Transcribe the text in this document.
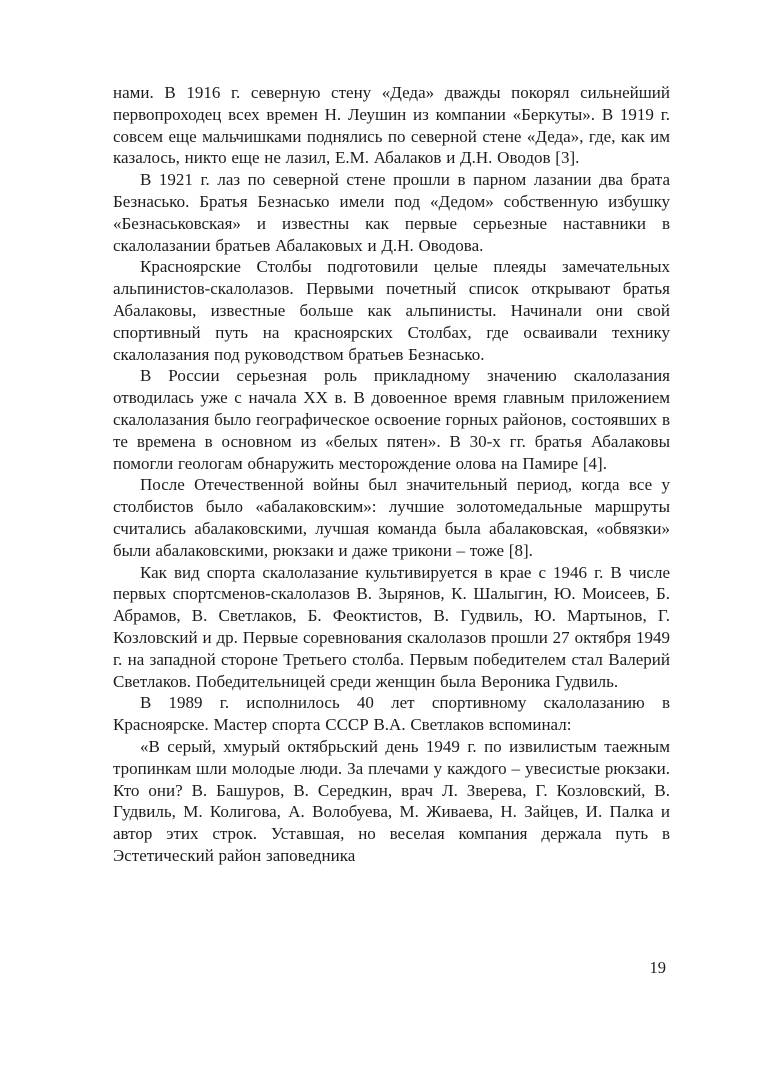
нами. В 1916 г. северную стену «Деда» дважды покорял сильнейший первопроходец всех времен Н. Леушин из компании «Беркуты». В 1919 г. совсем еще мальчишками поднялись по северной стене «Деда», где, как им казалось, никто еще не лазил, Е.М. Абалаков и Д.Н. Оводов [3].

В 1921 г. лаз по северной стене прошли в парном лазании два брата Безнасько. Братья Безнасько имели под «Дедом» собственную избушку «Безнаськовская» и известны как первые серьезные наставники в скалолазании братьев Абалаковых и Д.Н. Оводова.

Красноярские Столбы подготовили целые плеяды замечательных альпинистов-скалолазов. Первыми почетный список открывают братья Абалаковы, известные больше как альпинисты. Начинали они свой спортивный путь на красноярских Столбах, где осваивали технику скалолазания под руководством братьев Безнасько.

В России серьезная роль прикладному значению скалолазания отводилась уже с начала XX в. В довоенное время главным приложением скалолазания было географическое освоение горных районов, состоявших в те времена в основном из «белых пятен». В 30-х гг. братья Абалаковы помогли геологам обнаружить месторождение олова на Памире [4].

После Отечественной войны был значительный период, когда все у столбистов было «абалаковским»: лучшие золотомедальные маршруты считались абалаковскими, лучшая команда была абалаковская, «обвязки» были абалаковскими, рюкзаки и даже трикони – тоже [8].

Как вид спорта скалолазание культивируется в крае с 1946 г. В числе первых спортсменов-скалолазов В. Зырянов, К. Шалыгин, Ю. Моисеев, Б. Абрамов, В. Светлаков, Б. Феоктистов, В. Гудвиль, Ю. Мартынов, Г. Козловский и др. Первые соревнования скалолазов прошли 27 октября 1949 г. на западной стороне Третьего столба. Первым победителем стал Валерий Светлаков. Победительницей среди женщин была Вероника Гудвиль.

В 1989 г. исполнилось 40 лет спортивному скалолазанию в Красноярске. Мастер спорта СССР В.А. Светлаков вспоминал:

«В серый, хмурый октябрьский день 1949 г. по извилистым таежным тропинкам шли молодые люди. За плечами у каждого – увесистые рюкзаки. Кто они? В. Башуров, В. Середкин, врач Л. Зверева, Г. Козловский, В. Гудвиль, М. Колигова, А. Волобуева, М. Живаева, Н. Зайцев, И. Палка и автор этих строк. Уставшая, но веселая компания держала путь в Эстетический район заповедника

19
